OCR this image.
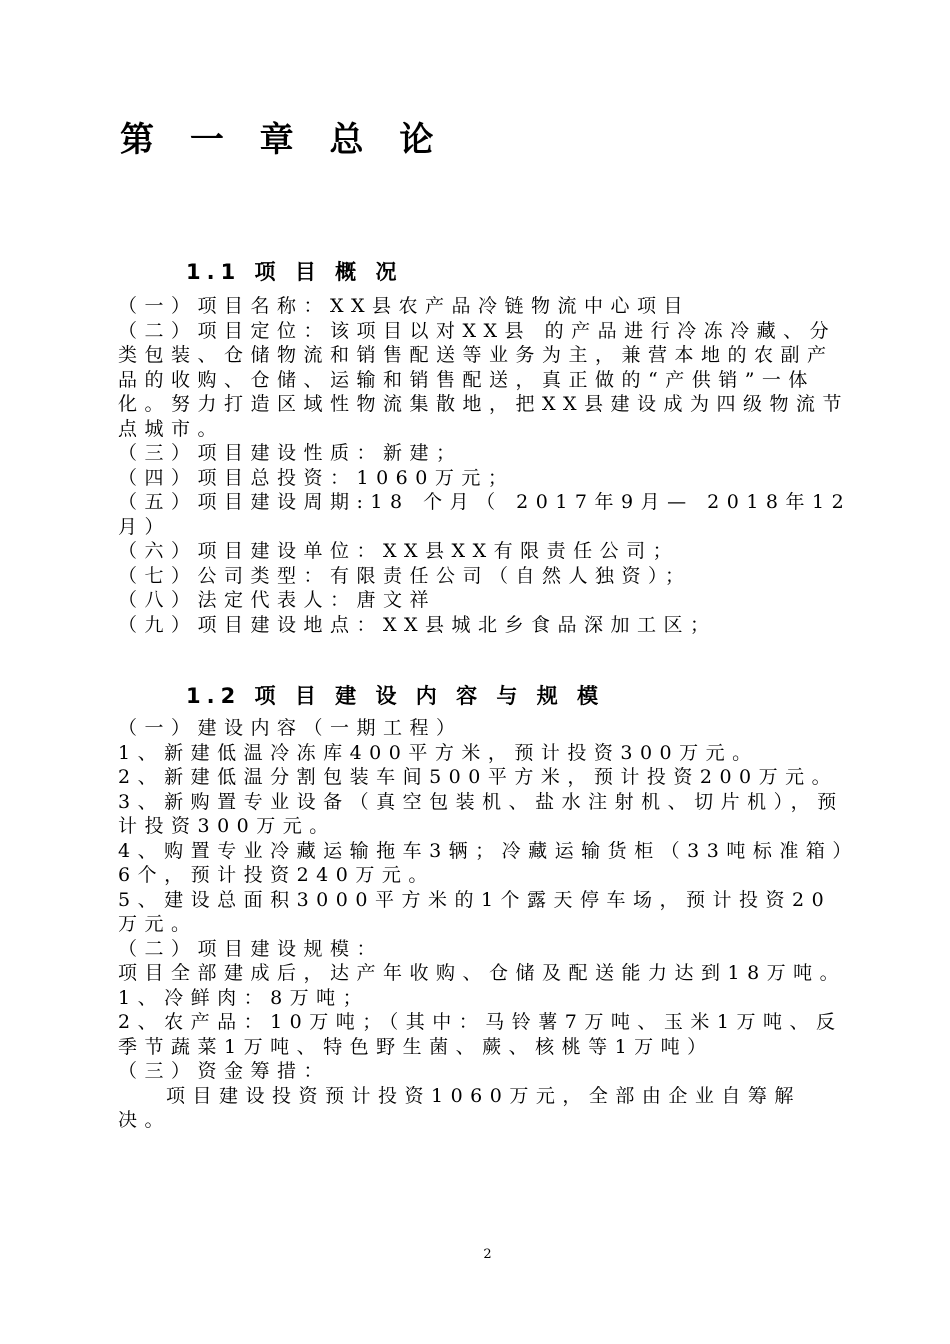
第 一 章 总 论
1.1 项 目 概 况

（一）项目名称：XX县农产品冷链物流中心项目

（二）项目定位：该项目以对XX县 的产品进行冷冻冷藏、分类包装、仓储物流和销售配送等业务为主，兼营本地的农副产品的收购、仓储、运输和销售配送，真正做的“产供销”一体化。努力打造区域性物流集散地，把XX县建设成为四级物流节点城市。

（三）项目建设性质：新建；

（四）项目总投资：1060万元；

（五）项目建设周期:18 个月（ 2017年9月— 2018年12月）

（六）项目建设单位：XX县XX有限责任公司；

（七）公司类型：有限责任公司（自然人独资）；

（八）法定代表人：唐文祥

（九）项目建设地点：XX县城北乡食品深加工区；

1.2 项 目 建 设 内 容 与 规 模

（一）建设内容（一期工程）

1、新建低温冷冻库400平方米，预计投资300万元。

2、新建低温分割包装车间500平方米，预计投资200万元。

3、新购置专业设备（真空包装机、盐水注射机、切片机），预计投资300万元。

4、购置专业冷藏运输拖车3辆；冷藏运输货柜（33吨标准箱）6个，预计投资240万元。

5、建设总面积3000平方米的1个露天停车场，预计投资20万元。

（二）项目建设规模：

项目全部建成后，达产年收购、仓储及配送能力达到18万吨。

1、冷鲜肉：8万吨；

2、农产品：10万吨；（其中：马铃薯7万吨、玉米1万吨、反季节蔬菜1万吨、特色野生菌、蕨、核桃等1万吨）

（三）资金筹措：

项目建设投资预计投资1060万元，全部由企业自筹解决。

2
